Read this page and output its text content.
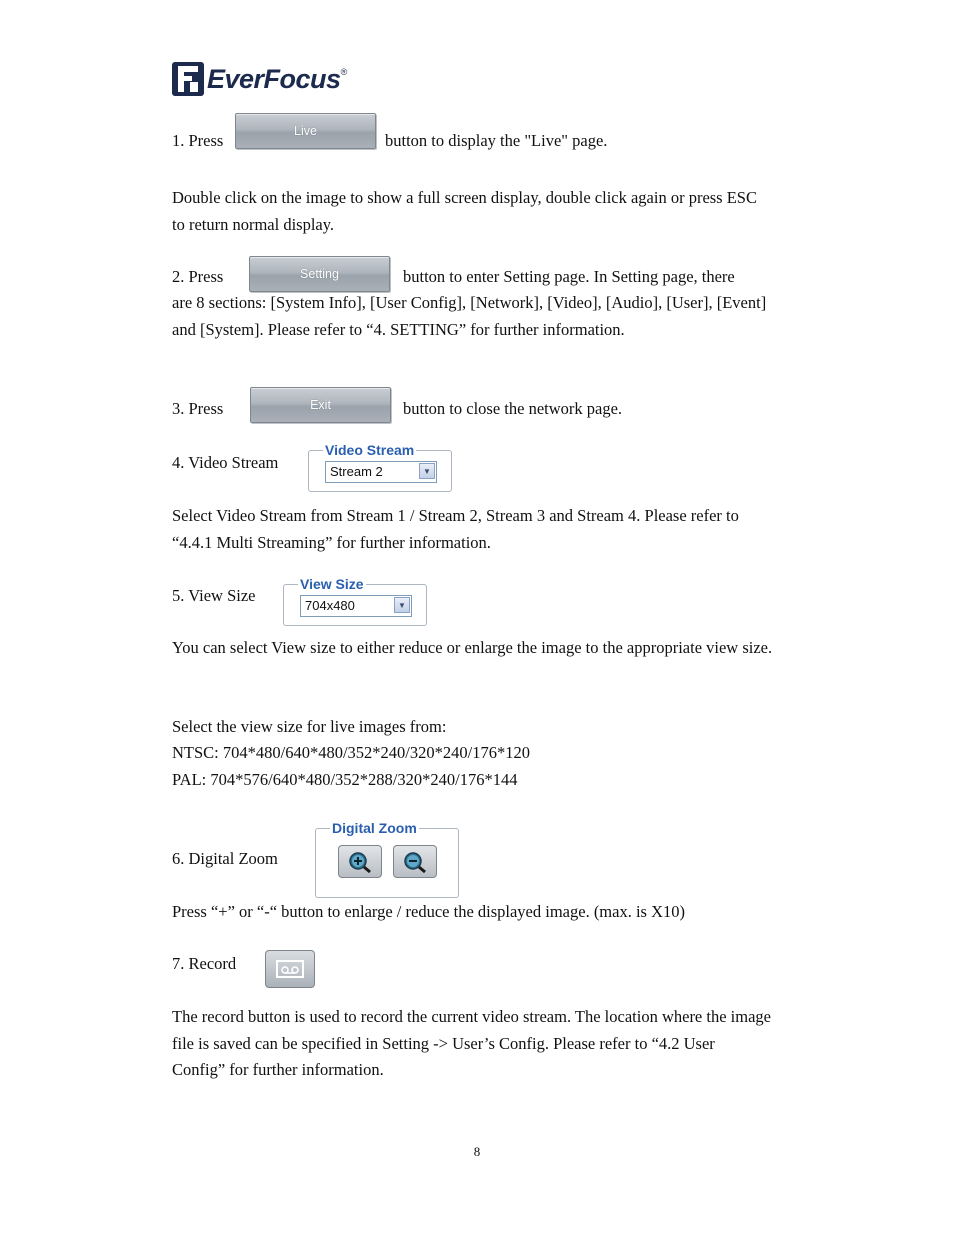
EverFocus ®
1. Press	Live	button to display the "Live" page.
Double click on the image to show a full screen display, double click again or press ESC to return normal display.
2. Press	Setting	button to enter Setting page. In Setting page, there
are 8 sections: [System Info], [User Config], [Network], [Video], [Audio], [User], [Event] and [System]. Please refer to “4. SETTING” for further information.
3. Press	Exit	button to close the network page.
4. Video Stream
Video Stream
Stream 2	▼
Select Video Stream from Stream 1 / Stream 2, Stream 3 and Stream 4. Please refer to “4.4.1 Multi Streaming” for further information.
5. View Size
View Size
704x480	▼
You can select View size to either reduce or enlarge the image to the appropriate view size.
Select the view size for live images from:
NTSC: 704*480/640*480/352*240/320*240/176*120
PAL: 704*576/640*480/352*288/320*240/176*144
6. Digital Zoom
Digital Zoom
Press “+” or “-“ button to enlarge / reduce the displayed image. (max. is X10)
7. Record
The record button is used to record the current video stream. The location where the image file is saved can be specified in Setting -> User’s Config. Please refer to “4.2 User Config” for further information.
8
